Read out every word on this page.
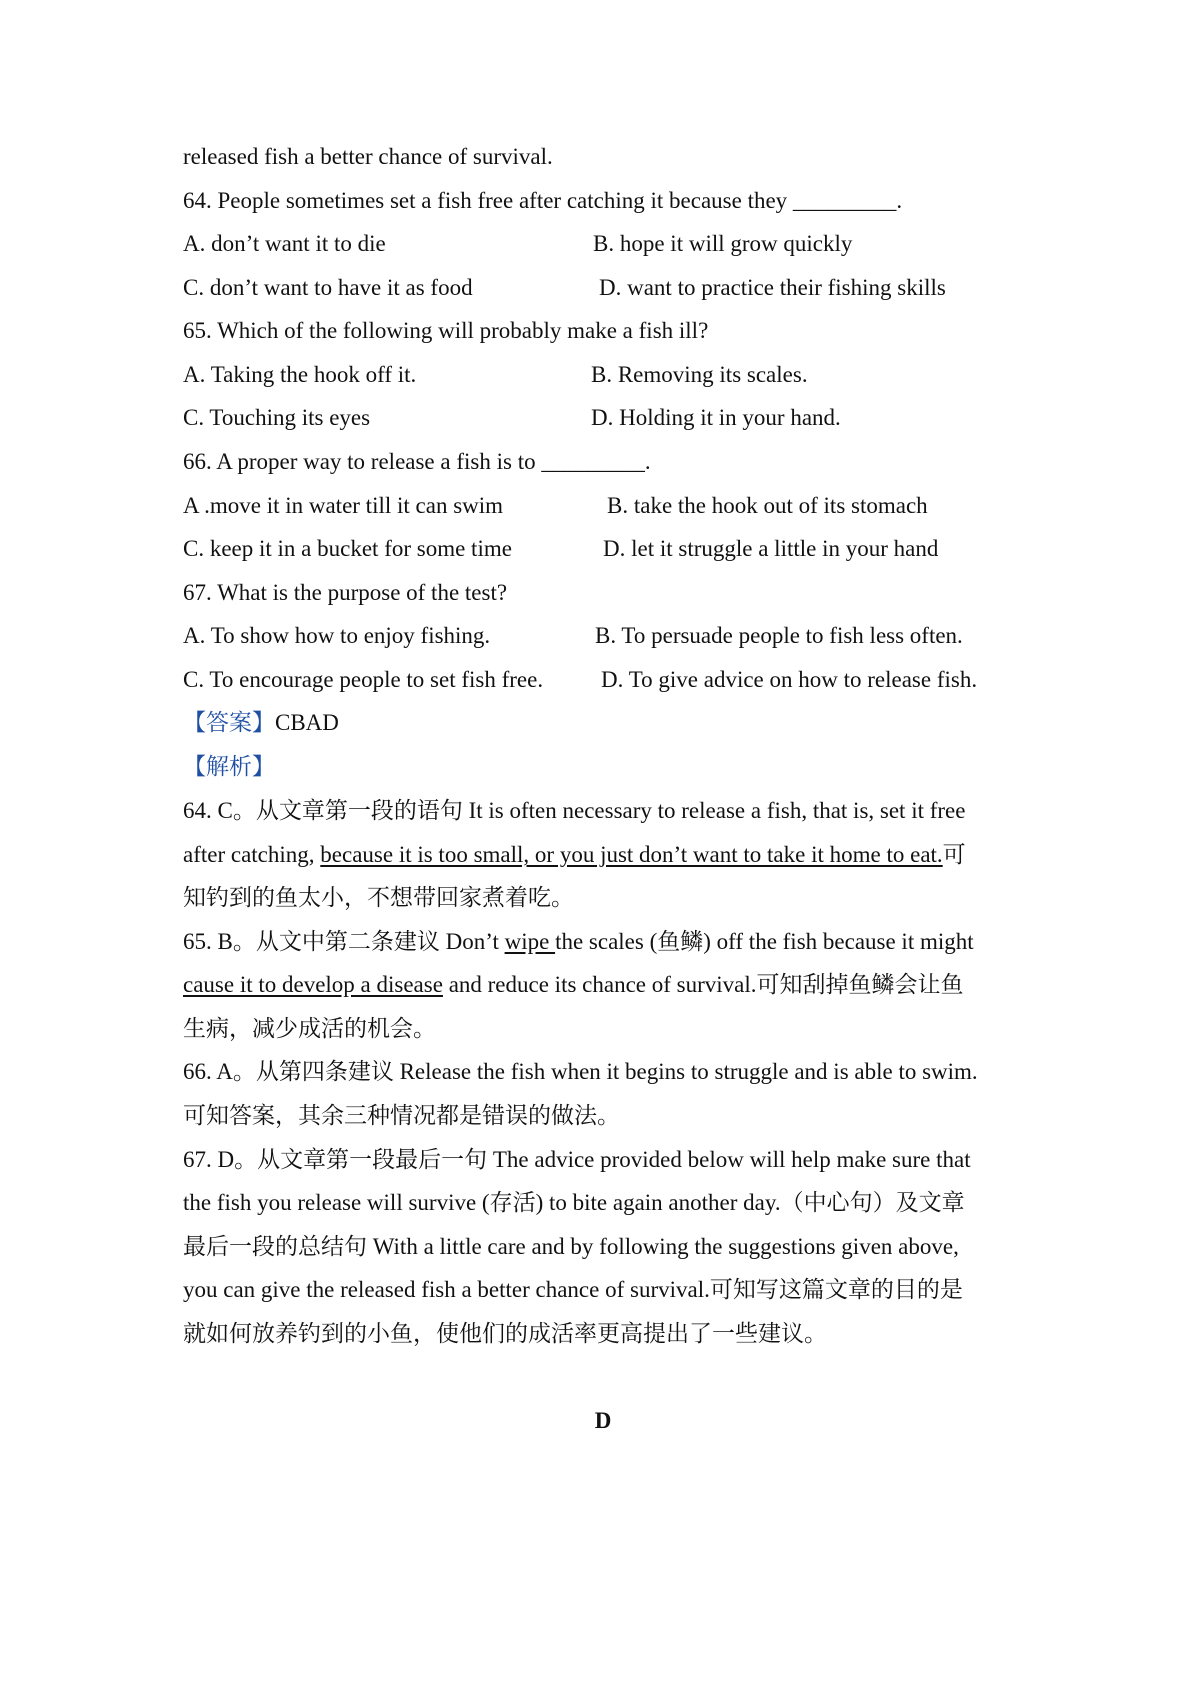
released fish a better chance of survival.
64. People sometimes set a fish free after catching it because they _________.
A. don’t want it to die	B. hope it will grow quickly
C. don’t want to have it as food	D. want to practice their fishing skills
65. Which of the following will probably make a fish ill?
A. Taking the hook off it.	B. Removing its scales.
C. Touching its eyes	D. Holding it in your hand.
66. A proper way to release a fish is to _________.
A .move it in water till it can swim	B. take the hook out of its stomach
C. keep it in a bucket for some time	D. let it struggle a little in your hand
67. What is the purpose of the test?
A. To show how to enjoy fishing.	B. To persuade people to fish less often.
C. To encourage people to set fish free.	D. To give advice on how to release fish.
【答案】CBAD
【解析】
64. C。从文章第一段的语句 It is often necessary to release a fish, that is, set it free
after catching, because it is too small, or you just don’t want to take it home to eat.可
知钓到的鱼太小，不想带回家煮着吃。
65. B。从文中第二条建议 Don’t wipe the scales (鱼鳞) off the fish because it might
cause it to develop a disease and reduce its chance of survival.可知刮掉鱼鳞会让鱼
生病，减少成活的机会。
66. A。从第四条建议 Release the fish when it begins to struggle and is able to swim.
可知答案，其余三种情况都是错误的做法。
67. D。从文章第一段最后一句 The advice provided below will help make sure that
the fish you release will survive (存活) to bite again another day.（中心句）及文章
最后一段的总结句 With a little care and by following the suggestions given above,
you can give the released fish a better chance of survival.可知写这篇文章的目的是
就如何放养钓到的小鱼，使他们的成活率更高提出了一些建议。
D
